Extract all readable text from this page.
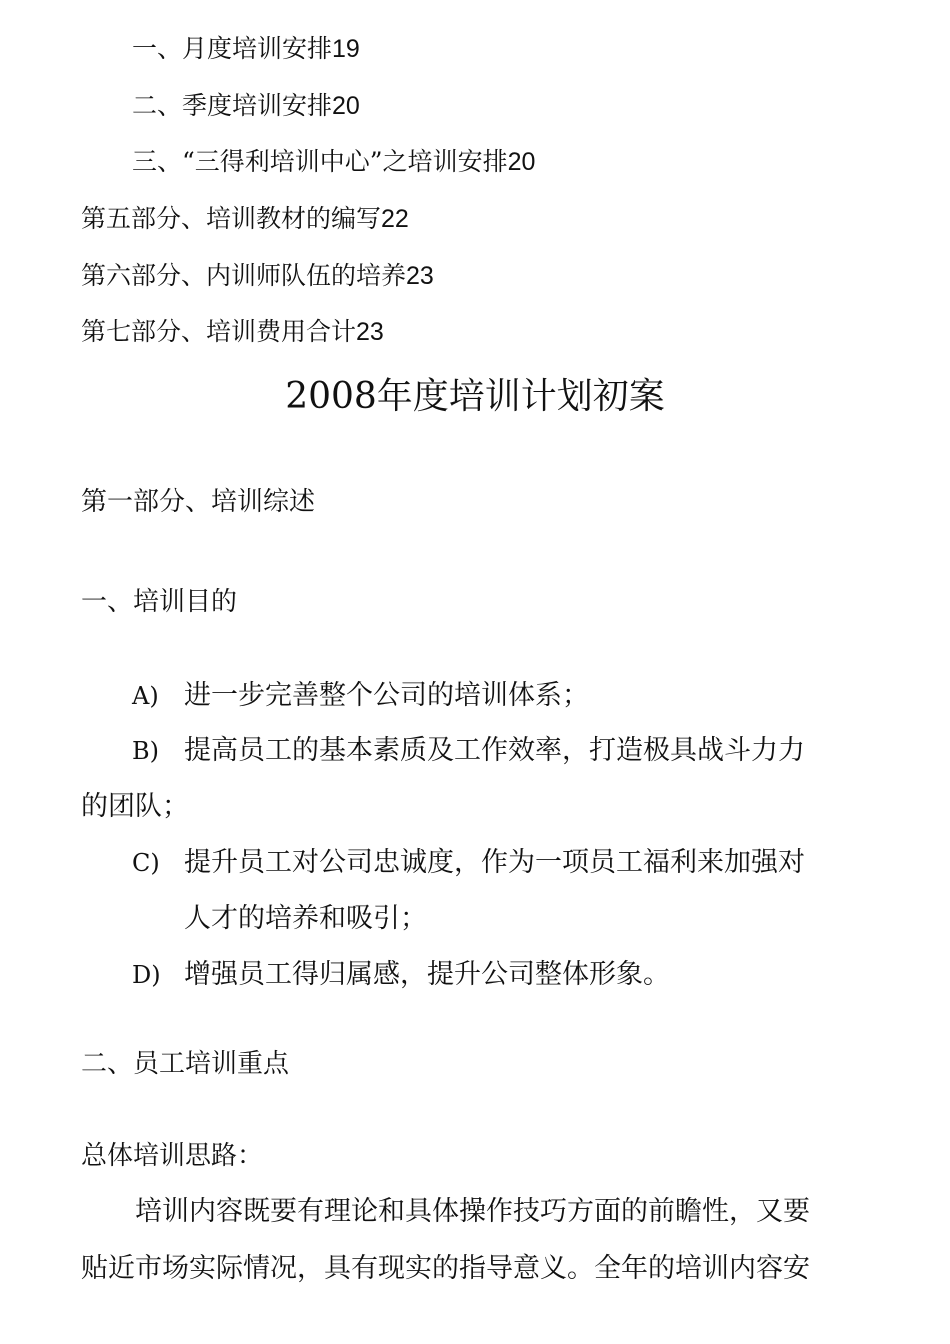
一、月度培训安排19
二、季度培训安排20
三、“三得利培训中心”之培训安排20
第五部分、培训教材的编写22
第六部分、内训师队伍的培养23
第七部分、培训费用合计23
2008年度培训计划初案
第一部分、培训综述
一、培训目的
A) 进一步完善整个公司的培训体系；
B) 提高员工的基本素质及工作效率，打造极具战斗力力
的团队；
C) 提升员工对公司忠诚度，作为一项员工福利来加强对
人才的培养和吸引；
D) 增强员工得归属感，提升公司整体形象。
二、员工培训重点
总体培训思路：
培训内容既要有理论和具体操作技巧方面的前瞻性，又要
贴近市场实际情况，具有现实的指导意义。全年的培训内容安
